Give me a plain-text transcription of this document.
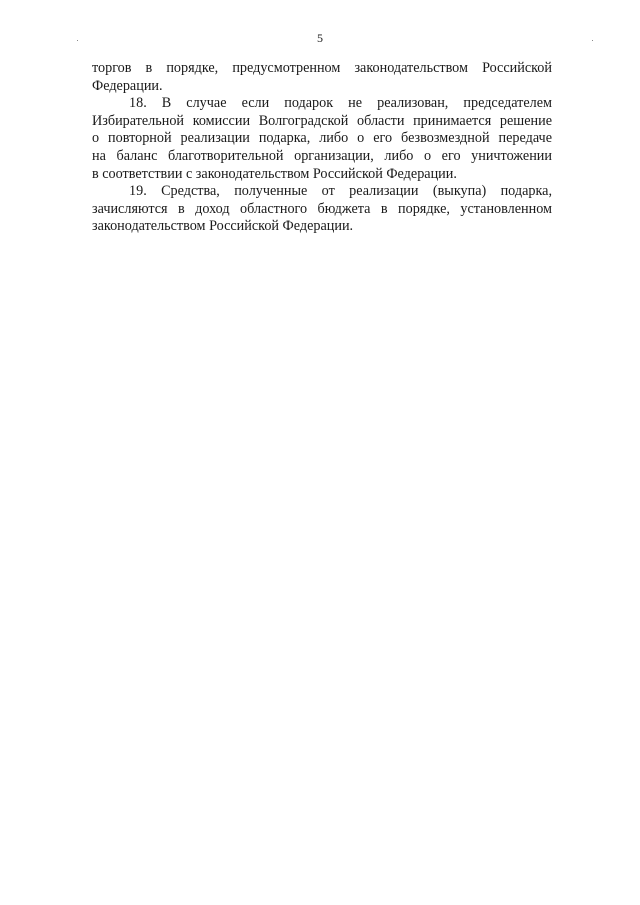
5
торгов в порядке, предусмотренном законодательством Российской
Федерации.
18. В случае если подарок не реализован, председателем
Избирательной комиссии Волгоградской области принимается решение
о повторной реализации подарка, либо о его безвозмездной передаче
на баланс благотворительной организации, либо о его уничтожении
в соответствии с законодательством Российской Федерации.
19. Средства, полученные от реализации (выкупа) подарка,
зачисляются в доход областного бюджета в порядке, установленном
законодательством Российской Федерации.
